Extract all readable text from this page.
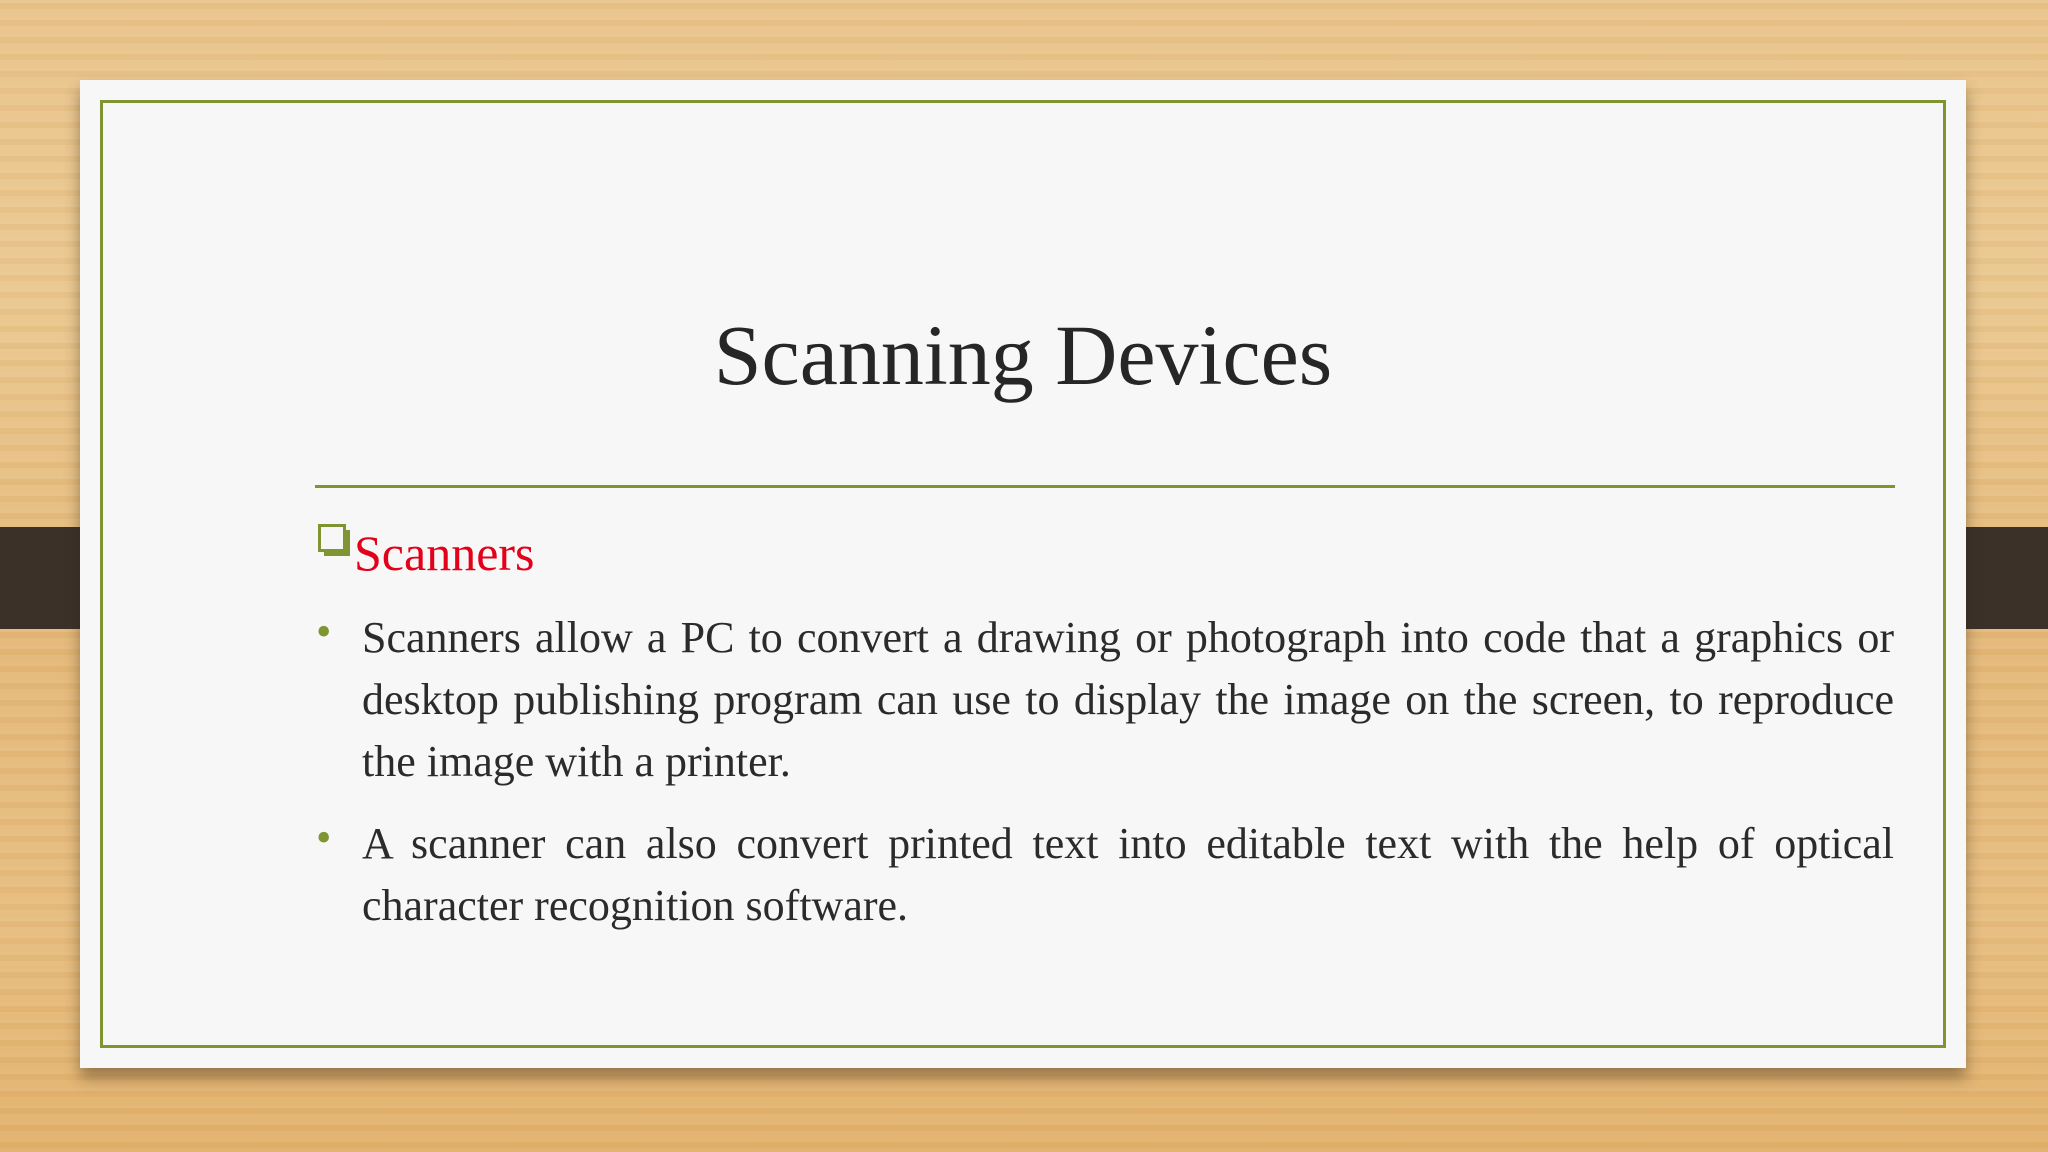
Scanning Devices
Scanners
• Scanners allow a PC to convert a drawing or photograph into code that a graphics or desktop publishing program can use to display the image on the screen, to reproduce the image with a printer.
• A scanner can also convert printed text into editable text with the help of optical character recognition software.
